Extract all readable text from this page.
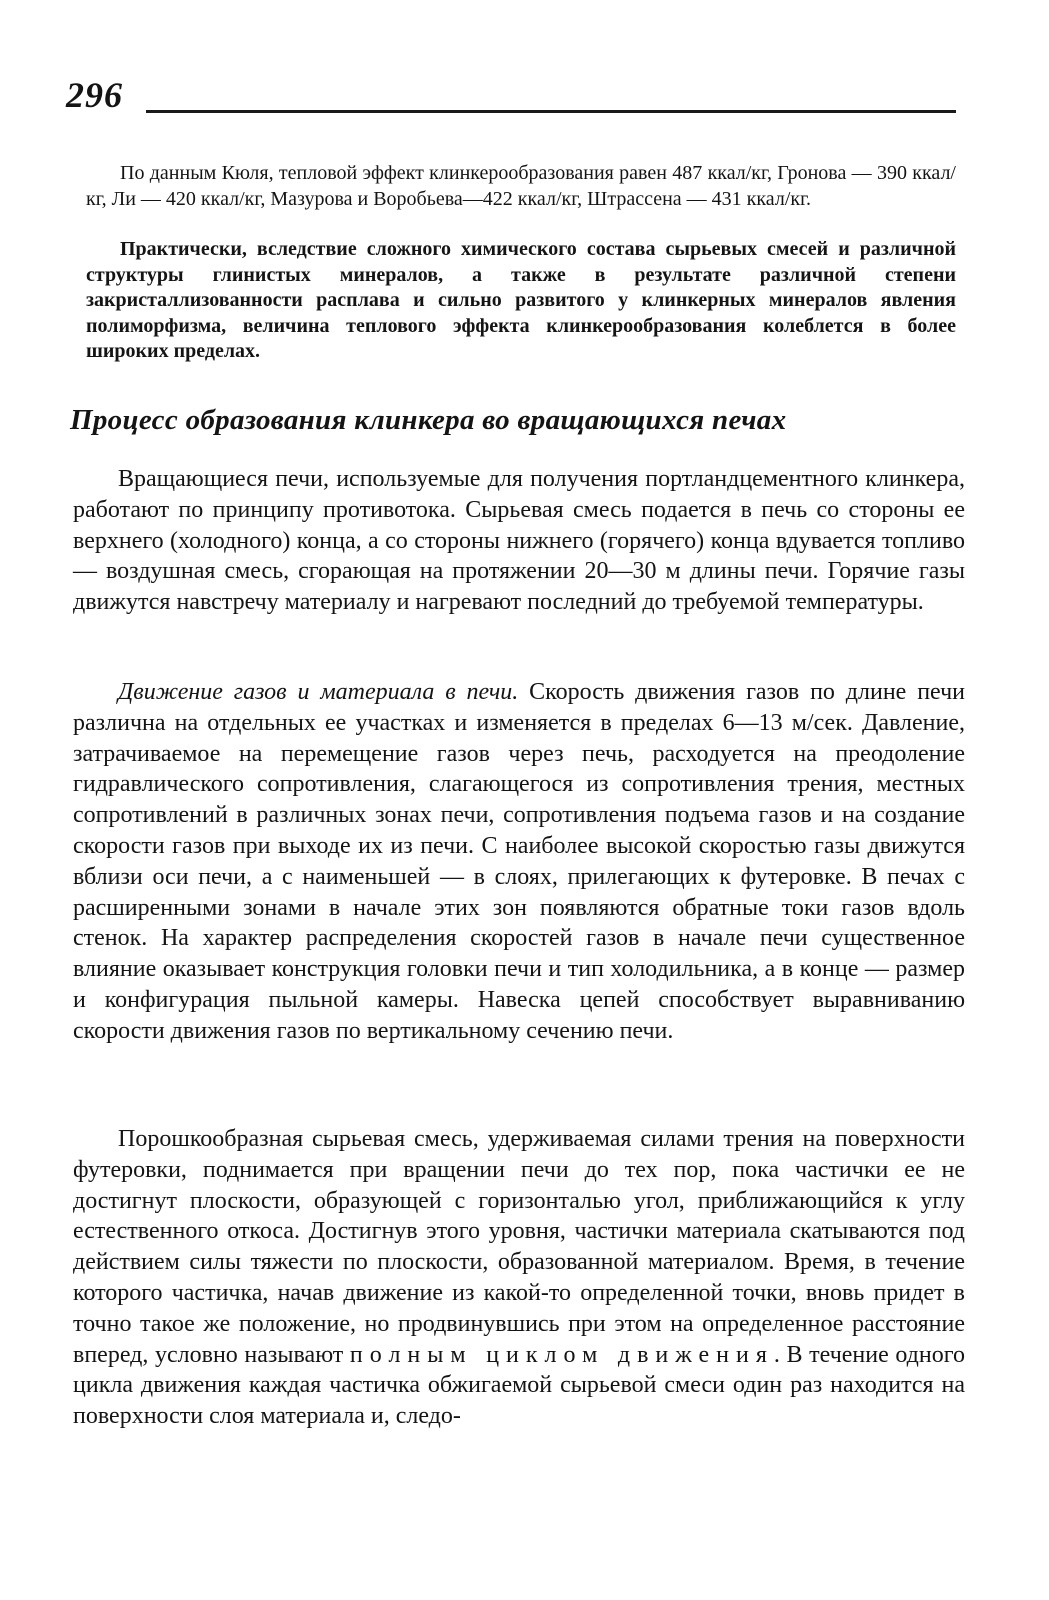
296

По данным Кюля, тепловой эффект клинкерообразования равен 487 ккал/кг, Гронова — 390 ккал/кг, Ли — 420 ккал/кг, Мазурова и Воробьева—422 ккал/кг, Штрассена — 431 ккал/кг.

Практически, вследствие сложного химического состава сырьевых смесей и различной структуры глинистых минералов, а также в результате различной степени закристаллизованности расплава и сильно развитого у клинкерных минералов явления полиморфизма, величина теплового эффекта клинкерообразования колеблется в более широких пределах.

Процесс образования клинкера во вращающихся печах

Вращающиеся печи, используемые для получения портландцементного клинкера, работают по принципу противотока. Сырьевая смесь подается в печь со стороны ее верхнего (холодного) конца, а со стороны нижнего (горячего) конца вдувается топливо — воздушная смесь, сгорающая на протяжении 20—30 м длины печи. Горячие газы движутся навстречу материалу и нагревают последний до требуемой температуры.

Движение газов и материала в печи. Скорость движения газов по длине печи различна на отдельных ее участках и изменяется в пределах 6—13 м/сек. Давление, затрачиваемое на перемещение газов через печь, расходуется на преодоление гидравлического сопротивления, слагающегося из сопротивления трения, местных сопротивлений в различных зонах печи, сопротивления подъема газов и на создание скорости газов при выходе их из печи. С наиболее высокой скоростью газы движутся вблизи оси печи, а с наименьшей — в слоях, прилегающих к футеровке. В печах с расширенными зонами в начале этих зон появляются обратные токи газов вдоль стенок. На характер распределения скоростей газов в начале печи существенное влияние оказывает конструкция головки печи и тип холодильника, а в конце — размер и конфигурация пыльной камеры. Навеска цепей способствует выравниванию скорости движения газов по вертикальному сечению печи.

Порошкообразная сырьевая смесь, удерживаемая силами трения на поверхности футеровки, поднимается при вращении печи до тех пор, пока частички ее не достигнут плоскости, образующей с горизонталью угол, приближающийся к углу естественного откоса. Достигнув этого уровня, частички материала скатываются под действием силы тяжести по плоскости, образованной материалом. Время, в течение которого частичка, начав движение из какой-то определенной точки, вновь придет в точно такое же положение, но продвинувшись при этом на определенное расстояние вперед, условно называют полным циклом движения. В течение одного цикла движения каждая частичка обжигаемой сырьевой смеси один раз находится на поверхности слоя материала и, следо-
